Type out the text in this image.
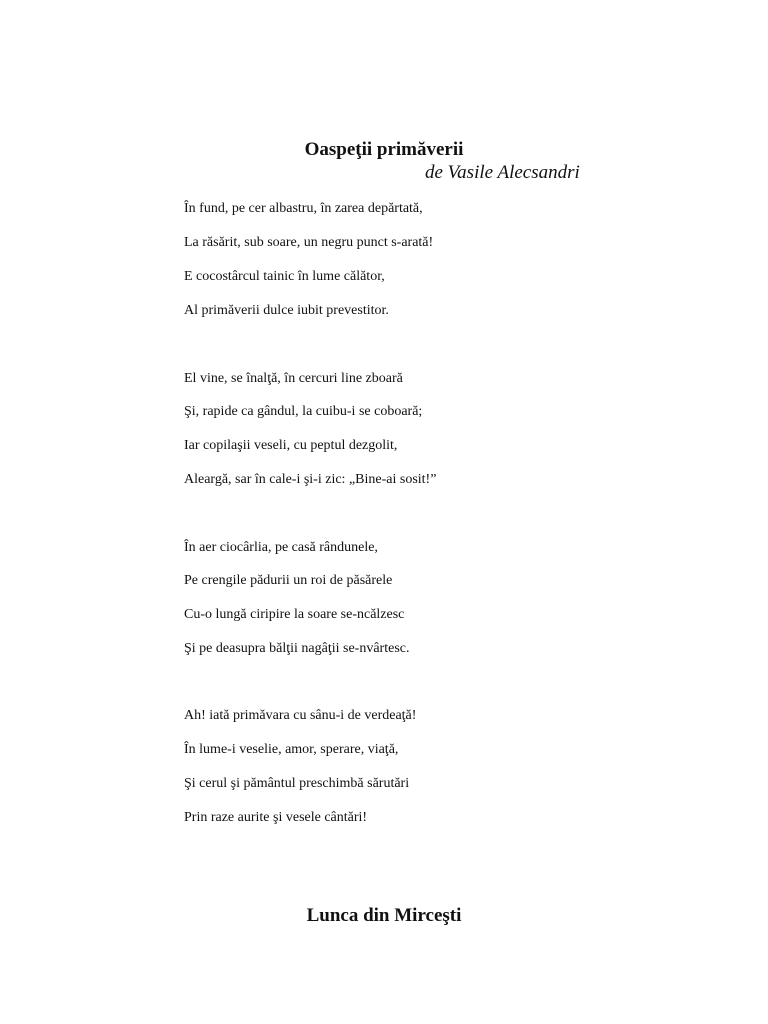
Oaspeţii primăverii
de Vasile Alecsandri

În fund, pe cer albastru, în zarea depărtată,

La răsărit, sub soare, un negru punct s-arată!

E cocostârcul tainic în lume călător,

Al primăverii dulce iubit prevestitor.

El vine, se înalţă, în cercuri line zboară

Şi, rapide ca gândul, la cuibu-i se coboară;

Iar copilaşii veseli, cu peptul dezgolit,

Aleargă, sar în cale-i şi-i zic: „Bine-ai sosit!”

În aer ciocârlia, pe casă rândunele,

Pe crengile pădurii un roi de păsărele

Cu-o lungă ciripire la soare se-ncălzesc

Şi pe deasupra bălţii nagâţii se-nvârtesc.

Ah! iată primăvara cu sânu-i de verdeaţă!

În lume-i veselie, amor, sperare, viaţă,

Şi cerul şi pământul preschimbă sărutări

Prin raze aurite şi vesele cântări!

Lunca din Mirceşti
